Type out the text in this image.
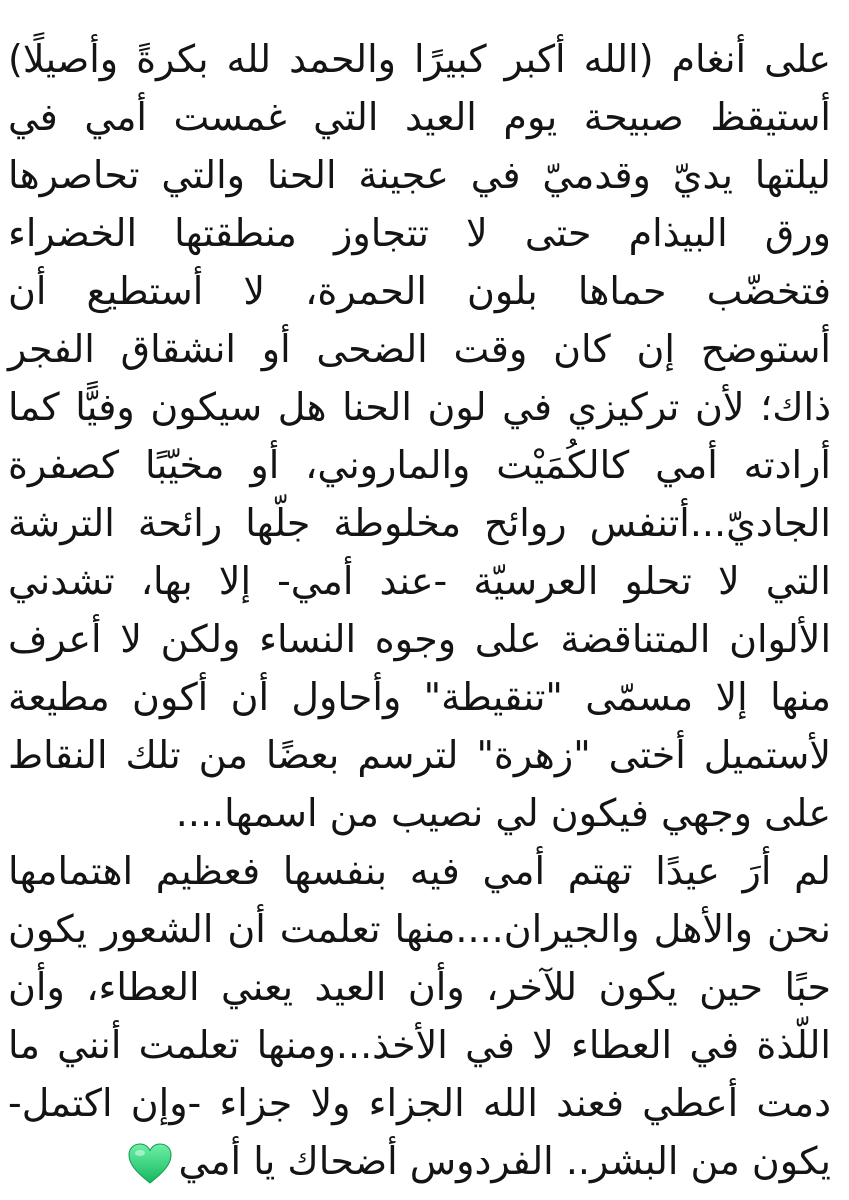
على أنغام (الله أكبر كبيرًا والحمد لله بكرةً وأصيلًا)
أستيقظ صبيحة يوم العيد التي غمست أمي في
ليلتها يديّ وقدميّ في عجينة الحنا والتي تحاصرها
ورق البيذام حتى لا تتجاوز منطقتها الخضراء
فتخضّب حماها بلون الحمرة، لا أستطيع أن
أستوضح إن كان وقت الضحى أو انشقاق الفجر
ذاك؛ لأن تركيزي في لون الحنا هل سيكون وفيًّا كما
أرادته أمي كالكُمَيْت والماروني، أو مخيّبًا كصفرة
الجاديّ...أتنفس روائح مخلوطة جلّها رائحة الترشة
التي لا تحلو العرسيّة -عند أمي- إلا بها، تشدني
الألوان المتناقضة على وجوه النساء ولكن لا أعرف
منها إلا مسمّى "تنقيطة" وأحاول أن أكون مطيعة
لأستميل أختى "زهرة" لترسم بعضًا من تلك النقاط
على وجهي فيكون لي نصيب من اسمها....
لم أرَ عيدًا تهتم أمي فيه بنفسها فعظيم اهتمامها
نحن والأهل والجيران....منها تعلمت أن الشعور يكون
حبًا حين يكون للآخر، وأن العيد يعني العطاء، وأن
اللّذة في العطاء لا في الأخذ...ومنها تعلمت أنني ما
دمت أعطي فعند الله الجزاء ولا جزاء -وإن اكتمل-
يكون من البشر.. الفردوس أضحاك يا أمي
